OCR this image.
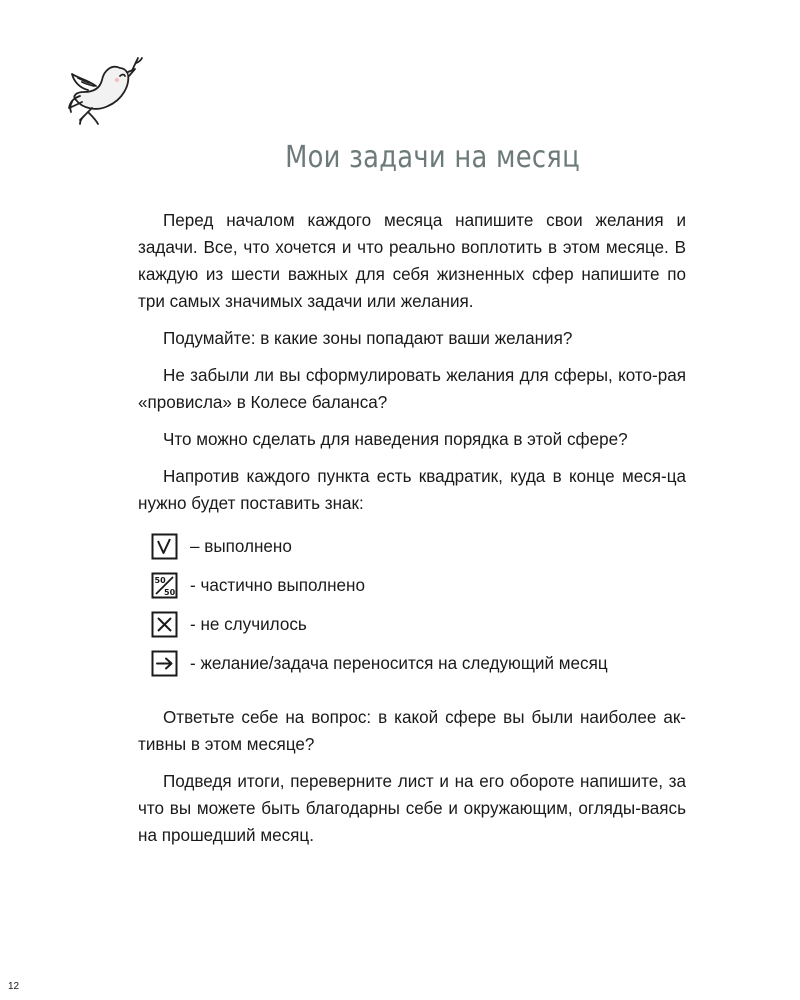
Мои задачи на месяц

Перед началом каждого месяца напишите свои желания и задачи. Все, что хочется и что реально воплотить в этом месяце. В каждую из шести важных для себя жизненных сфер напишите по три самых значимых задачи или желания.

Подумайте: в какие зоны попадают ваши желания?

Не забыли ли вы сформулировать желания для сферы, кото-рая «провисла» в Колесе баланса?

Что можно сделать для наведения порядка в этой сфере?

Напротив каждого пункта есть квадратик, куда в конце меся-ца нужно будет поставить знак:

– выполнено
50
50 - частично выполнено
- не случилось
- желание/задача переносится на следующий месяц

Ответьте себе на вопрос: в какой сфере вы были наиболее ак-тивны в этом месяце?

Подведя итоги, переверните лист и на его обороте напишите, за что вы можете быть благодарны себе и окружающим, огляды-ваясь на прошедший месяц.

12
